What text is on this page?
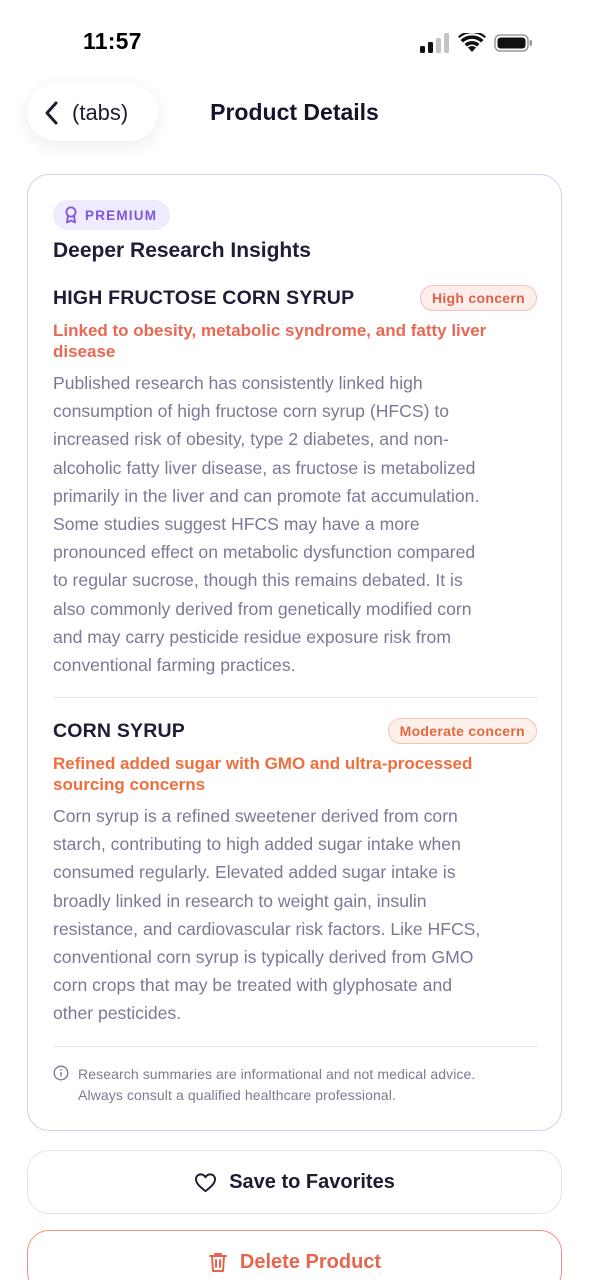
11:57
(tabs)	Product Details
PREMIUM
Deeper Research Insights
HIGH FRUCTOSE CORN SYRUP	High concern
Linked to obesity, metabolic syndrome, and fatty liver
disease
Published research has consistently linked high
consumption of high fructose corn syrup (HFCS) to
increased risk of obesity, type 2 diabetes, and non-
alcoholic fatty liver disease, as fructose is metabolized
primarily in the liver and can promote fat accumulation.
Some studies suggest HFCS may have a more
pronounced effect on metabolic dysfunction compared
to regular sucrose, though this remains debated. It is
also commonly derived from genetically modified corn
and may carry pesticide residue exposure risk from
conventional farming practices.
CORN SYRUP	Moderate concern
Refined added sugar with GMO and ultra-processed
sourcing concerns
Corn syrup is a refined sweetener derived from corn
starch, contributing to high added sugar intake when
consumed regularly. Elevated added sugar intake is
broadly linked in research to weight gain, insulin
resistance, and cardiovascular risk factors. Like HFCS,
conventional corn syrup is typically derived from GMO
corn crops that may be treated with glyphosate and
other pesticides.
Research summaries are informational and not medical advice.
Always consult a qualified healthcare professional.
Save to Favorites
Delete Product
